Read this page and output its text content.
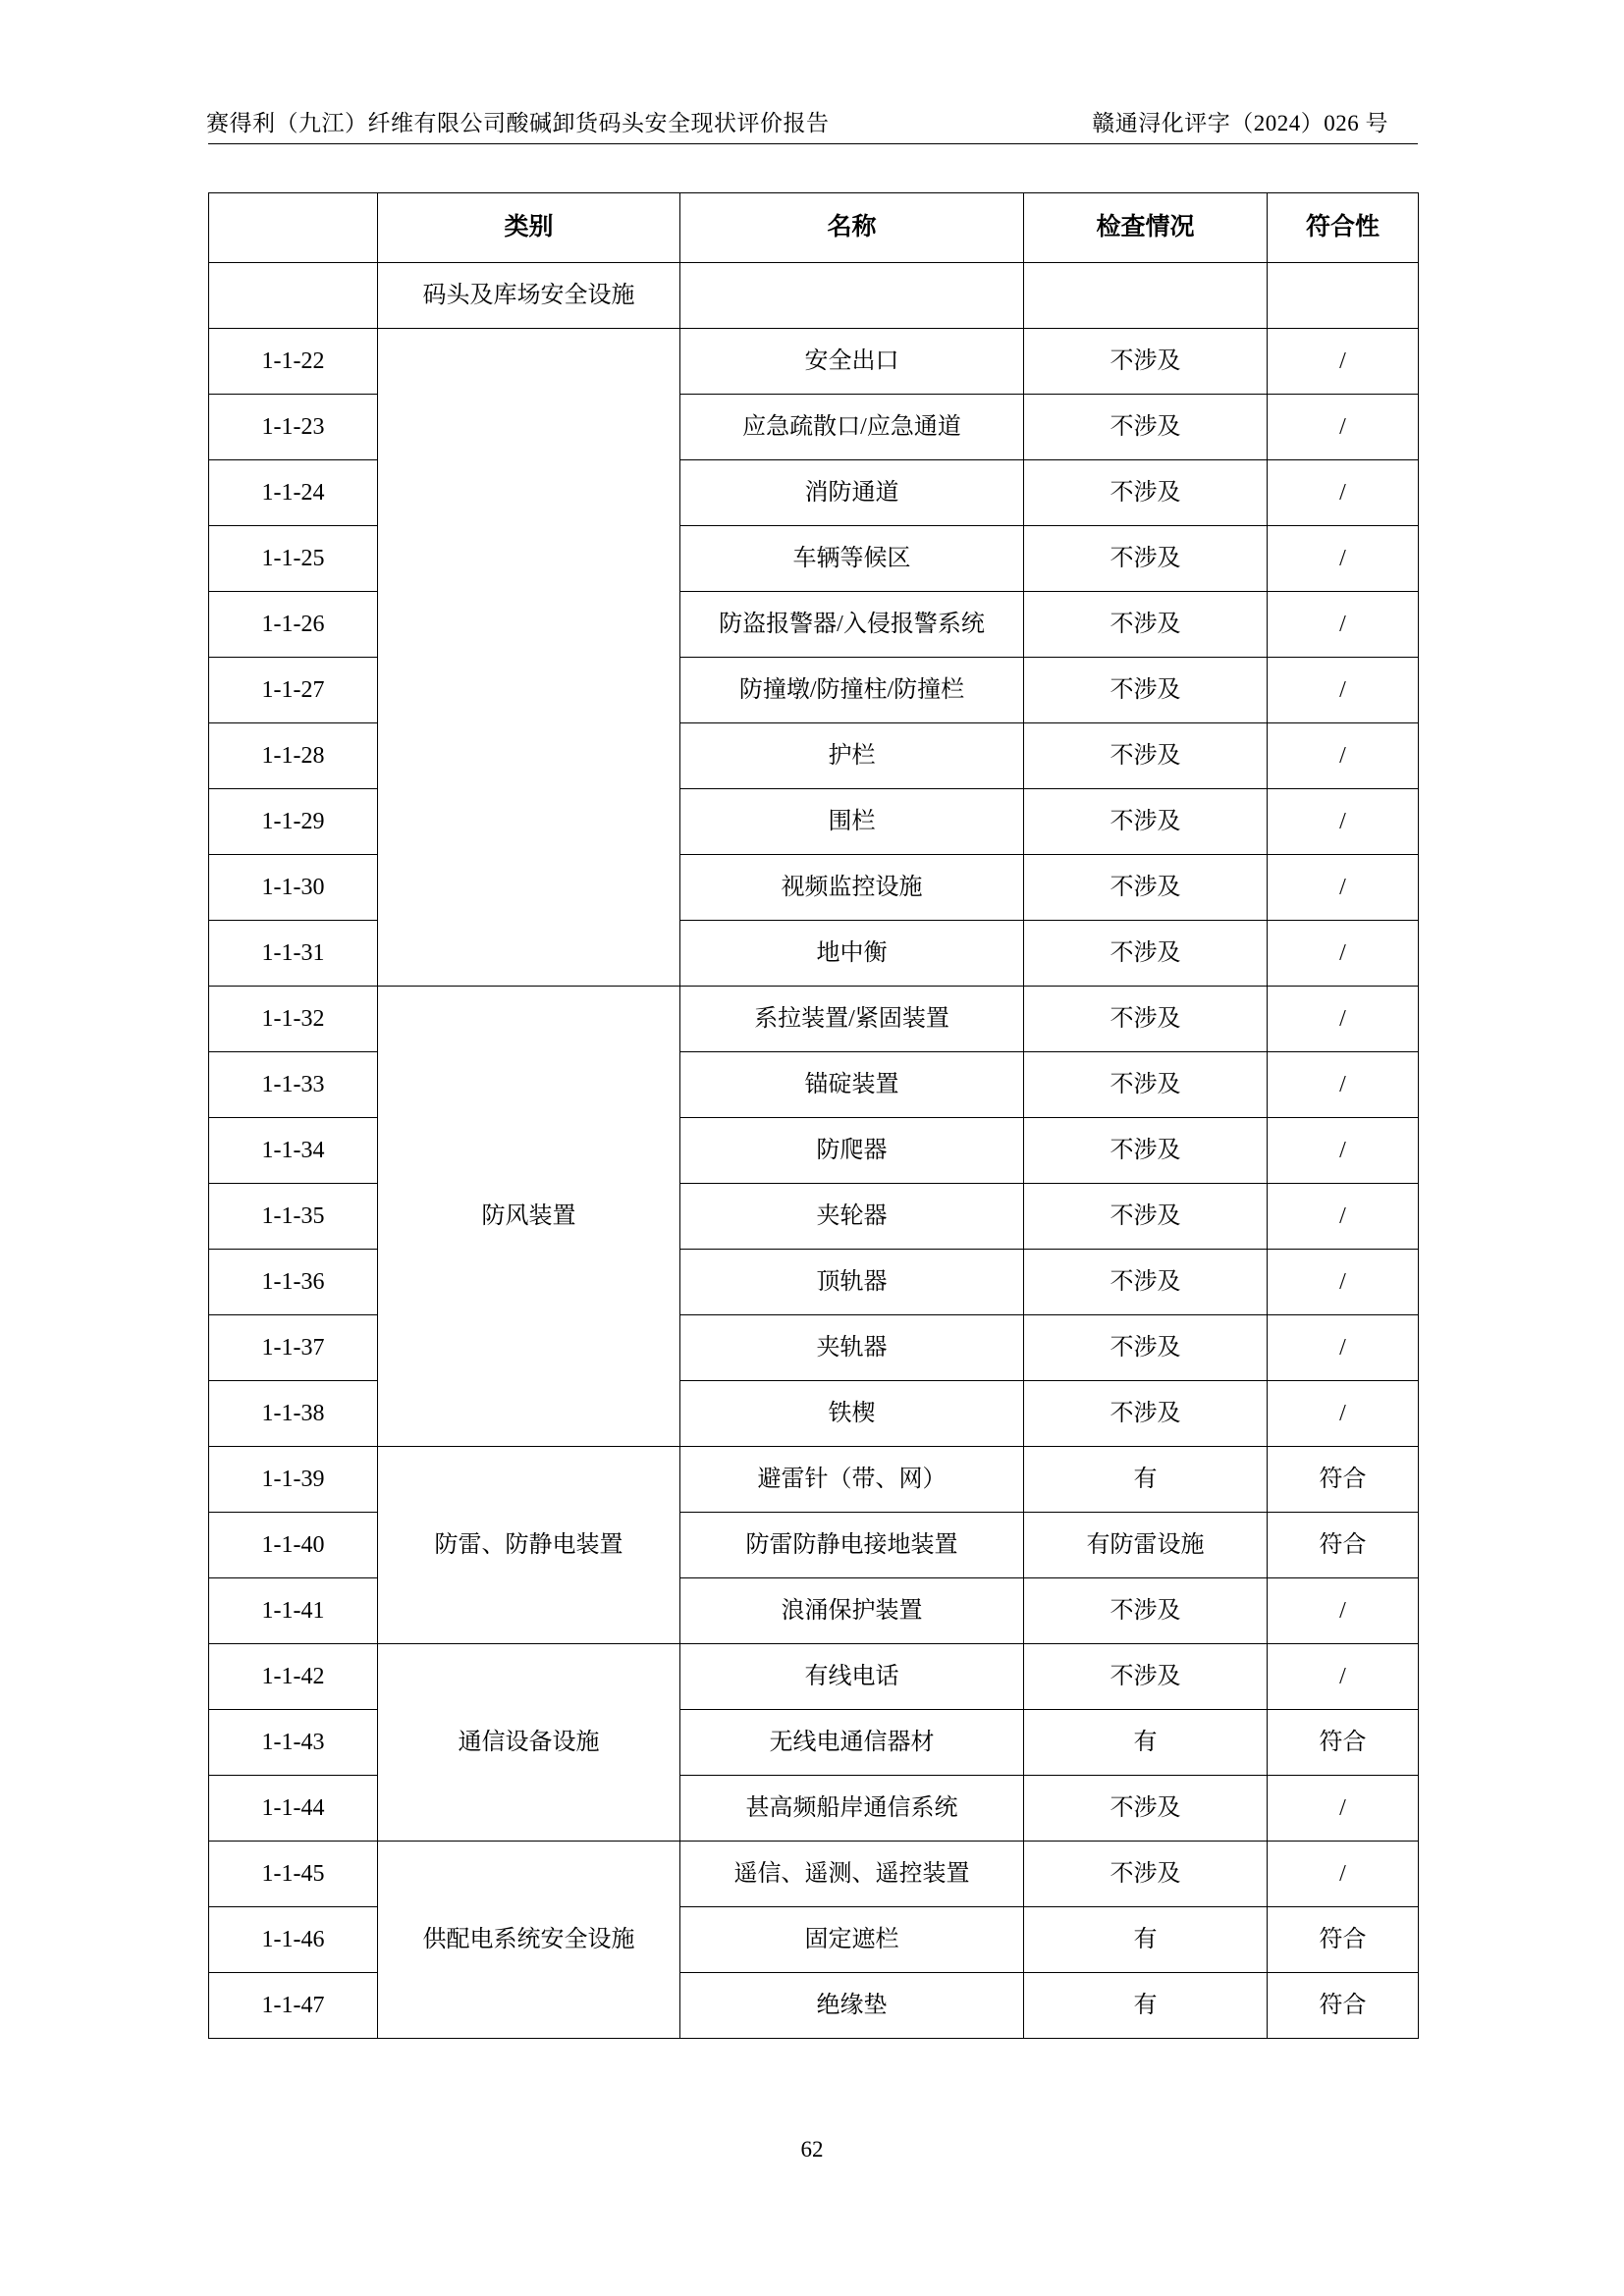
赛得利（九江）纤维有限公司酸碱卸货码头安全现状评价报告	赣通浔化评字（2024）026 号
	类别	名称	检查情况	符合性
	码头及库场安全设施			
1-1-22		安全出口	不涉及	/
1-1-23		应急疏散口/应急通道	不涉及	/
1-1-24		消防通道	不涉及	/
1-1-25		车辆等候区	不涉及	/
1-1-26		防盗报警器/入侵报警系统	不涉及	/
1-1-27		防撞墩/防撞柱/防撞栏	不涉及	/
1-1-28		护栏	不涉及	/
1-1-29		围栏	不涉及	/
1-1-30		视频监控设施	不涉及	/
1-1-31		地中衡	不涉及	/
1-1-32	防风装置	系拉装置/紧固装置	不涉及	/
1-1-33		锚碇装置	不涉及	/
1-1-34		防爬器	不涉及	/
1-1-35		夹轮器	不涉及	/
1-1-36		顶轨器	不涉及	/
1-1-37		夹轨器	不涉及	/
1-1-38		铁楔	不涉及	/
1-1-39	防雷、防静电装置	避雷针（带、网）	有	符合
1-1-40		防雷防静电接地装置	有防雷设施	符合
1-1-41		浪涌保护装置	不涉及	/
1-1-42	通信设备设施	有线电话	不涉及	/
1-1-43		无线电通信器材	有	符合
1-1-44		甚高频船岸通信系统	不涉及	/
1-1-45	供配电系统安全设施	遥信、遥测、遥控装置	不涉及	/
1-1-46		固定遮栏	有	符合
1-1-47		绝缘垫	有	符合
62
